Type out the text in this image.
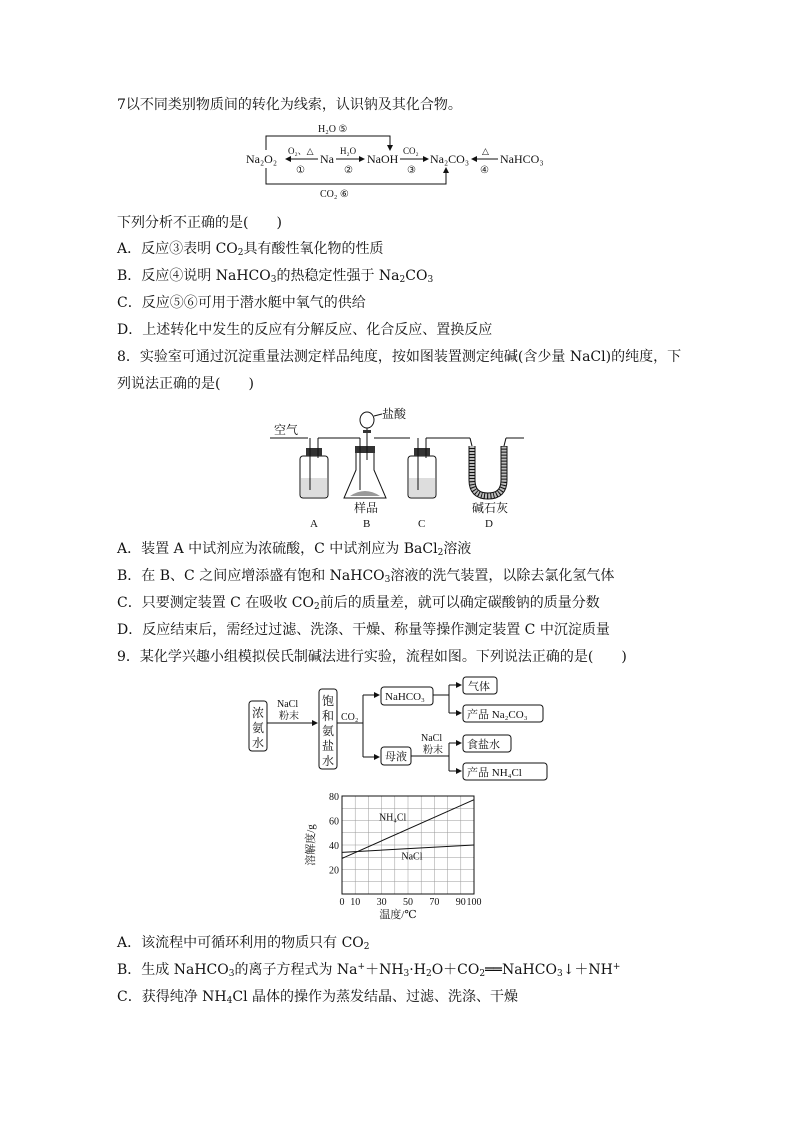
7以不同类别物质间的转化为线索，认识钠及其化合物。
H₂O ⑤
CO₂ ⑥
Na₂O₂	Na	NaOH	Na₂CO₃	NaHCO₃
O₂、△
①
H₂O
②
CO₂
③
△
④
下列分析不正确的是(　　)
A．反应③表明 $CO_2$具有酸性氧化物的性质
B．反应④说明 NaHCO$_3$的热稳定性强于 $Na_2CO_3$
C．反应⑤⑥可用于潜水艇中氧气的供给
D．上述转化中发生的反应有分解反应、化合反应、置换反应
8．实验室可通过沉淀重量法测定样品纯度，按如图装置测定纯碱(含少量 NaCl)的纯度，下
列说法正确的是(　　)
空气
盐酸
样品	碱石灰
A	B	C	D
A．装置 A 中试剂应为浓硫酸，C 中试剂应为 BaCl$_2$溶液
B．在 B、C 之间应增添盛有饱和 NaHCO$_3$溶液的洗气装置，以除去氯化氢气体
C．只要测定装置 C 在吸收 $CO_2$前后的质量差，就可以确定碳酸钠的质量分数
D．反应结束后，需经过过滤、洗涤、干燥、称量等操作测定装置 C 中沉淀质量
9．某化学兴趣小组模拟侯氏制碱法进行实验，流程如图。下列说法正确的是(　　)
浓
氨
水
NaCl
粉末
饱
和
氨
盐
水
CO₂
NaHCO₃
气体
产品 Na₂CO₃
母液
NaCl
粉末 食盐水
产品 NH₄Cl
0 10 30 50 70 90 100
20
40
60
80
温度/℃
溶解度/g
NH₄Cl
NaCl
A．该流程中可循环利用的物质只有 $CO_2$
B．生成 NaHCO$_3$的离子方程式为 $Na^++NH_3\cdot H_2O+CO_2══NaHCO_3↓+NH^+$
C．获得纯净 $NH_4Cl$ 晶体的操作为蒸发结晶、过滤、洗涤、干燥
